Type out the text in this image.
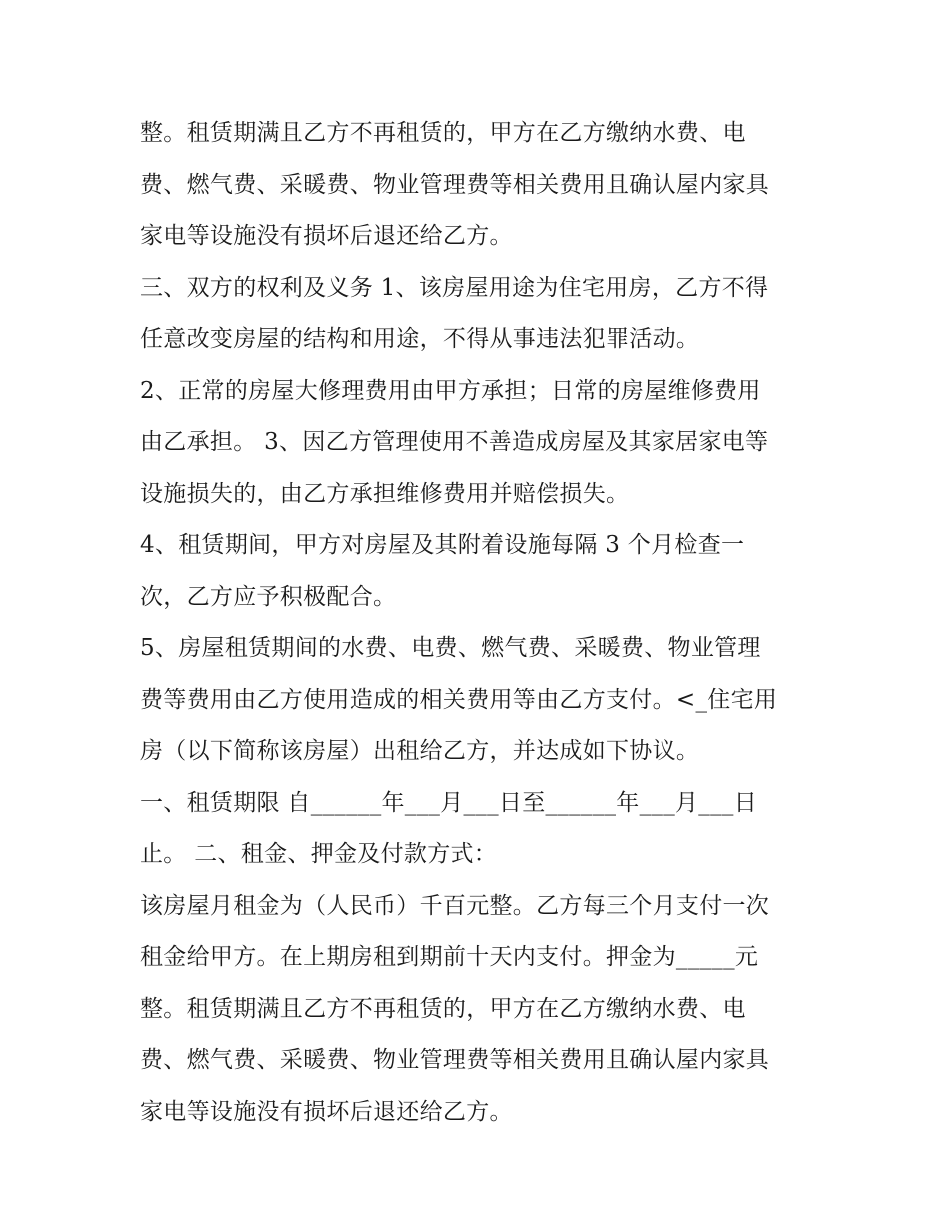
整。租赁期满且乙方不再租赁的，甲方在乙方缴纳水费、电
费、燃气费、采暖费、物业管理费等相关费用且确认屋内家具
家电等设施没有损坏后退还给乙方。
三、双方的权利及义务 1、该房屋用途为住宅用房，乙方不得
任意改变房屋的结构和用途，不得从事违法犯罪活动。
2、正常的房屋大修理费用由甲方承担；日常的房屋维修费用
由乙承担。 3、因乙方管理使用不善造成房屋及其家居家电等
设施损失的，由乙方承担维修费用并赔偿损失。
4、租赁期间，甲方对房屋及其附着设施每隔 3 个月检查一
次，乙方应予积极配合。
5、房屋租赁期间的水费、电费、燃气费、采暖费、物业管理
费等费用由乙方使用造成的相关费用等由乙方支付。<_住宅用
房（以下简称该房屋）出租给乙方，并达成如下协议。
一、租赁期限 自______年___月___日至______年___月___日
止。 二、租金、押金及付款方式：
该房屋月租金为（人民币）千百元整。乙方每三个月支付一次
租金给甲方。在上期房租到期前十天内支付。押金为_____元
整。租赁期满且乙方不再租赁的，甲方在乙方缴纳水费、电
费、燃气费、采暖费、物业管理费等相关费用且确认屋内家具
家电等设施没有损坏后退还给乙方。
